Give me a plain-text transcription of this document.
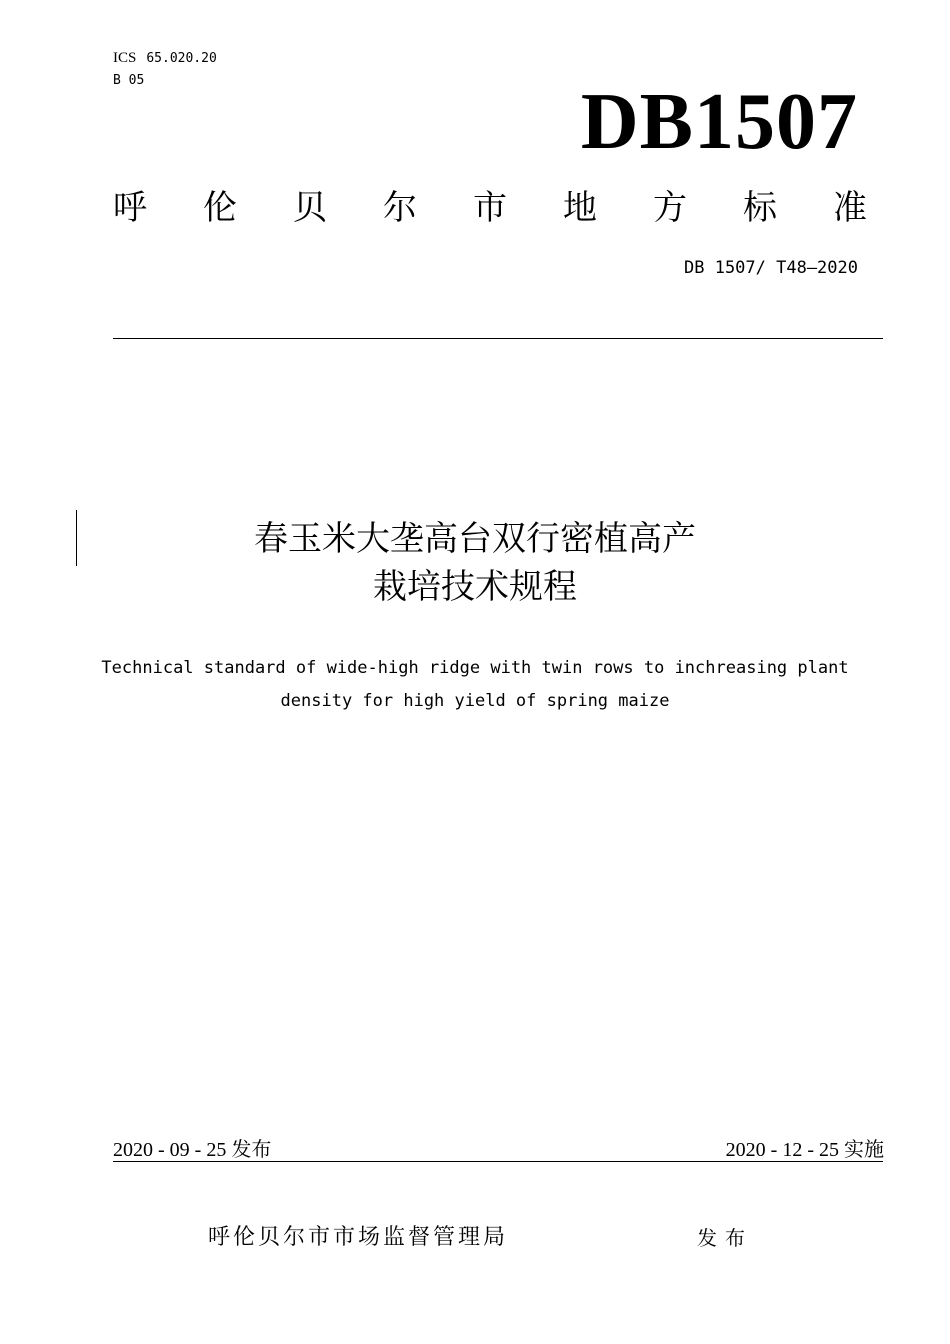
ICS 65.020.20
B 05	DB1507
呼 伦 贝 尔 市 地 方 标 准
DB 1507/ T48—2020
春玉米大垄高台双行密植高产
栽培技术规程
Technical standard of wide-high ridge with twin rows to inchreasing plant
density for high yield of spring maize
2020 - 09 - 25 发布	2020 - 12 - 25 实施
呼伦贝尔市市场监督管理局	发布
